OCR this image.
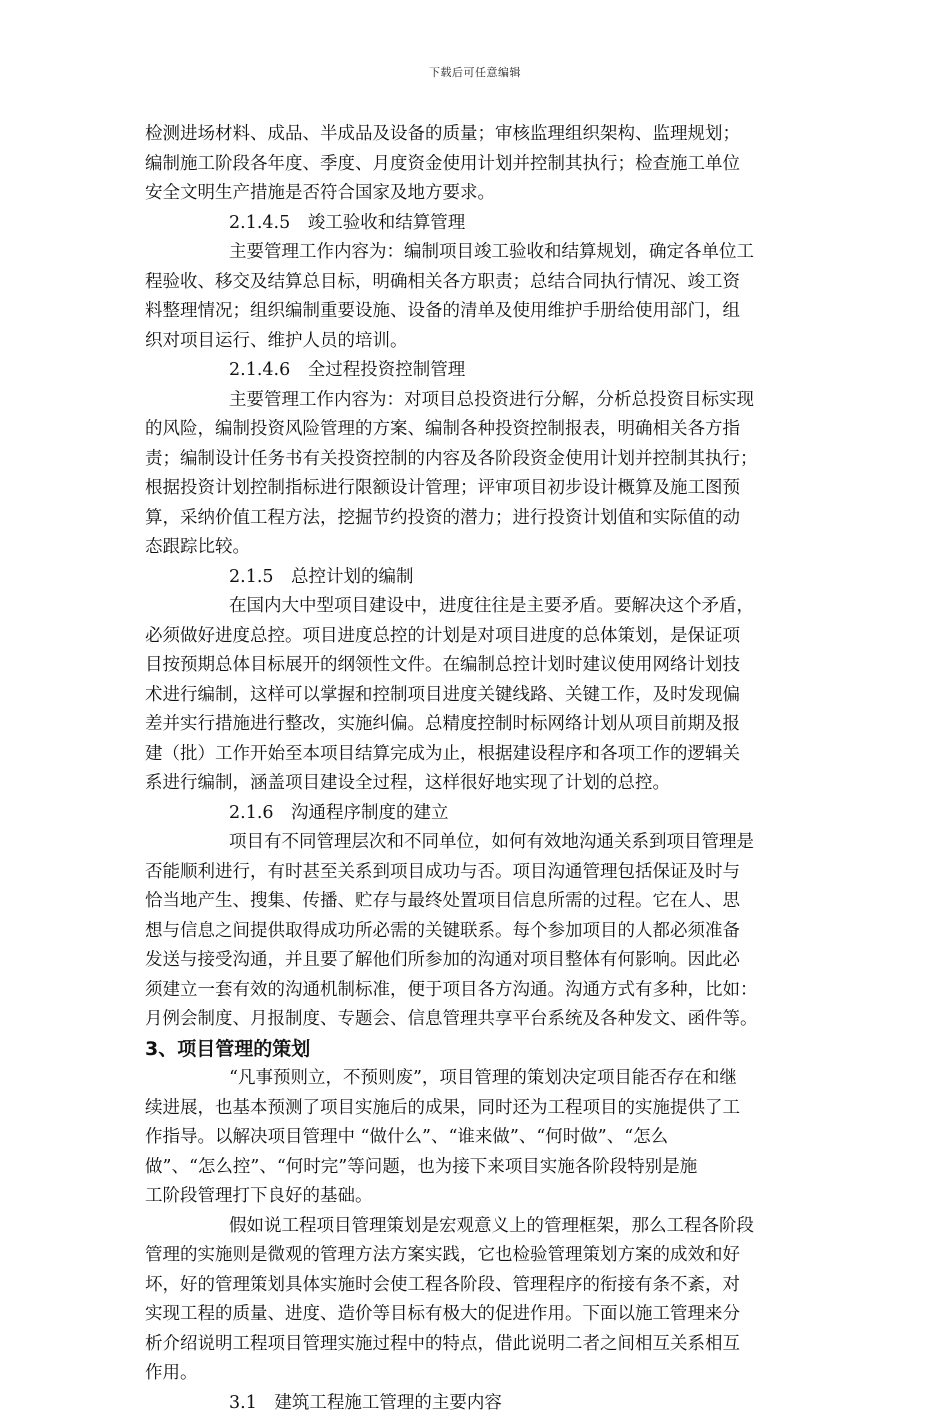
下载后可任意编辑
检测进场材料、成品、半成品及设备的质量；审核监理组织架构、监理规划；
编制施工阶段各年度、季度、月度资金使用计划并控制其执行；检查施工单位
安全文明生产措施是否符合国家及地方要求。
2.1.4.5　竣工验收和结算管理
主要管理工作内容为：编制项目竣工验收和结算规划，确定各单位工
程验收、移交及结算总目标，明确相关各方职责；总结合同执行情况、竣工资
料整理情况；组织编制重要设施、设备的清单及使用维护手册给使用部门，组
织对项目运行、维护人员的培训。
2.1.4.6　全过程投资控制管理
主要管理工作内容为：对项目总投资进行分解，分析总投资目标实现
的风险，编制投资风险管理的方案、编制各种投资控制报表，明确相关各方指
责；编制设计任务书有关投资控制的内容及各阶段资金使用计划并控制其执行；
根据投资计划控制指标进行限额设计管理；评审项目初步设计概算及施工图预
算，采纳价值工程方法，挖掘节约投资的潜力；进行投资计划值和实际值的动
态跟踪比较。
2.1.5　总控计划的编制
在国内大中型项目建设中，进度往往是主要矛盾。要解决这个矛盾，
必须做好进度总控。项目进度总控的计划是对项目进度的总体策划，是保证项
目按预期总体目标展开的纲领性文件。在编制总控计划时建议使用网络计划技
术进行编制，这样可以掌握和控制项目进度关键线路、关键工作，及时发现偏
差并实行措施进行整改，实施纠偏。总精度控制时标网络计划从项目前期及报
建（批）工作开始至本项目结算完成为止，根据建设程序和各项工作的逻辑关
系进行编制，涵盖项目建设全过程，这样很好地实现了计划的总控。
2.1.6　沟通程序制度的建立
项目有不同管理层次和不同单位，如何有效地沟通关系到项目管理是
否能顺利进行，有时甚至关系到项目成功与否。项目沟通管理包括保证及时与
恰当地产生、搜集、传播、贮存与最终处置项目信息所需的过程。它在人、思
想与信息之间提供取得成功所必需的关键联系。每个参加项目的人都必须准备
发送与接受沟通，并且要了解他们所参加的沟通对项目整体有何影响。因此必
须建立一套有效的沟通机制标准，便于项目各方沟通。沟通方式有多种，比如：
月例会制度、月报制度、专题会、信息管理共享平台系统及各种发文、函件等。
3、项目管理的策划
“凡事预则立，不预则废”，项目管理的策划决定项目能否存在和继
续进展，也基本预测了项目实施后的成果，同时还为工程项目的实施提供了工
作指导。以解决项目管理中 “做什么”、“谁来做”、“何时做”、“怎么
做”、“怎么控”、“何时完”等问题，也为接下来项目实施各阶段特别是施
工阶段管理打下良好的基础。
假如说工程项目管理策划是宏观意义上的管理框架，那么工程各阶段
管理的实施则是微观的管理方法方案实践，它也检验管理策划方案的成效和好
坏，好的管理策划具体实施时会使工程各阶段、管理程序的衔接有条不紊，对
实现工程的质量、进度、造价等目标有极大的促进作用。下面以施工管理来分
析介绍说明工程项目管理实施过程中的特点，借此说明二者之间相互关系相互
作用。
3.1　建筑工程施工管理的主要内容
